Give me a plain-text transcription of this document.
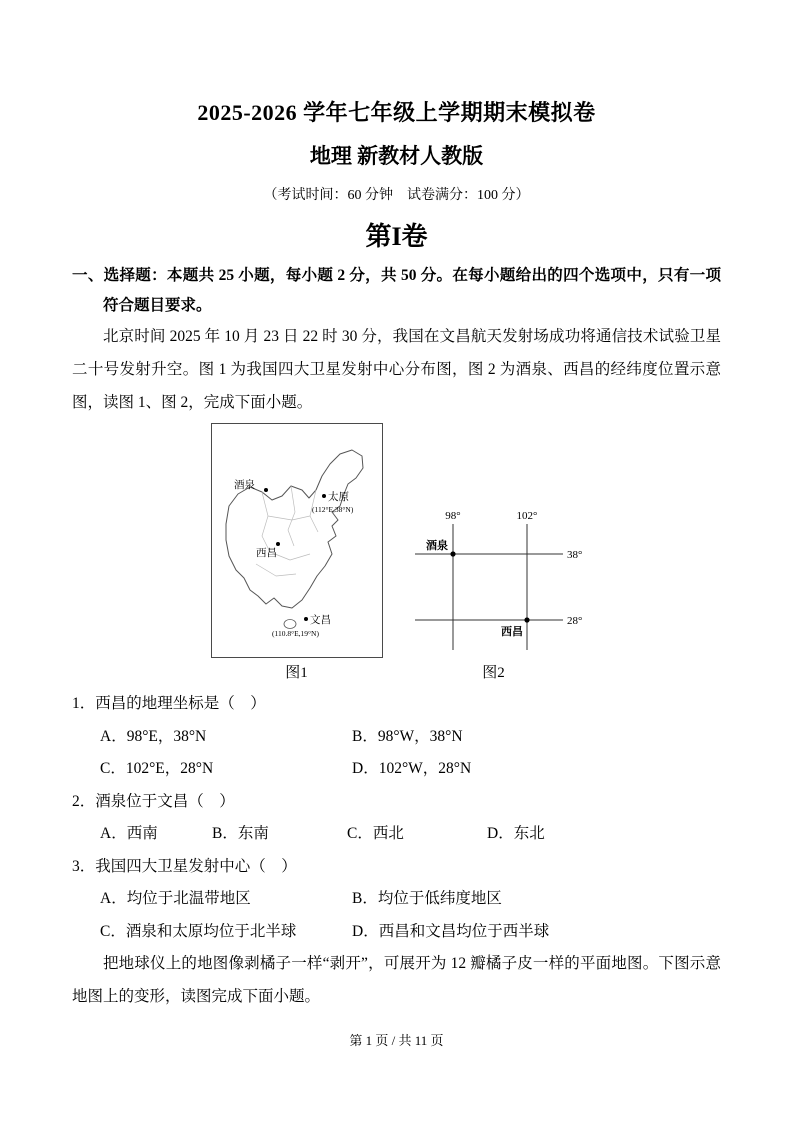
2025-2026 学年七年级上学期期末模拟卷
地理 新教材人教版
（考试时间：60 分钟　试卷满分：100 分）
第I卷

一、选择题：本题共 25 小题，每小题 2 分，共 50 分。在每小题给出的四个选项中，只有一项符合题目要求。

北京时间 2025 年 10 月 23 日 22 时 30 分，我国在文昌航天发射场成功将通信技术试验卫星二十号发射升空。图 1 为我国四大卫星发射中心分布图，图 2 为酒泉、西昌的经纬度位置示意图，读图 1、图 2，完成下面小题。

酒泉
太原
(112°E,38°N)
西昌
文昌
(110.8°E,19°N)
图1
98°	102°
38°
28°
酒泉
西昌
图2
1．西昌的地理坐标是（　）
A．98°E，38°N	B．98°W，38°N
C．102°E，28°N	D．102°W，28°N
2．酒泉位于文昌（　）
A．西南	B．东南	C．西北	D．东北
3．我国四大卫星发射中心（　）
A．均位于北温带地区	B．均位于低纬度地区
C．酒泉和太原均位于北半球	D．西昌和文昌均位于西半球

把地球仪上的地图像剥橘子一样“剥开”，可展开为 12 瓣橘子皮一样的平面地图。下图示意地图上的变形，读图完成下面小题。

第 1 页 / 共 11 页
